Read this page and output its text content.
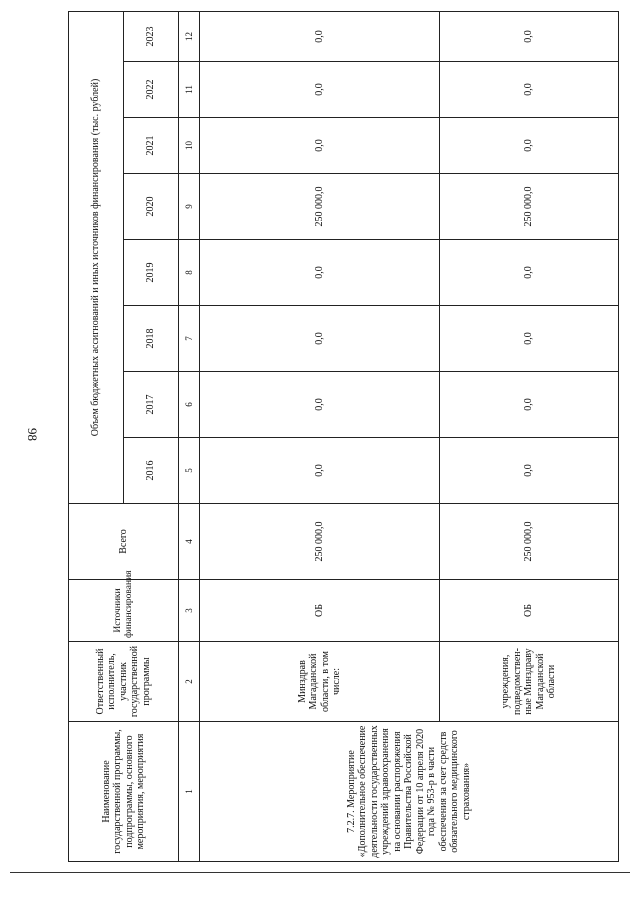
98
Наименование государственной программы, подпрограммы, основного мероприятия, мероприятия	Ответственный исполнитель, участник государственной программы	Источники финансирования	Всего	Объем бюджетных ассигнований и иных источников финансирования (тыс. рублей)							
				2016	2017	2018	2019	2020	2021	2022	2023
1	2	3	4	5	6	7	8	9	10	11	12
7.2.7. Мероприятие «Дополнительное обеспечение деятельности государственных учреждений здравоохранения на основании распоряжения Правительства Российской Федерации от 10 апреля 2020 года № 953-р в части обеспечения за счет средств обязательного медицинского страхования»	Минздрав Магаданской области, в том числе:	ОБ	250 000,0	0,0	0,0	0,0	0,0	250 000,0	0,0	0,0	0,0
	учреждения, подведомствен-ные Минздраву Магаданской области	ОБ	250 000,0	0,0	0,0	0,0	0,0	250 000,0	0,0	0,0	0,0
